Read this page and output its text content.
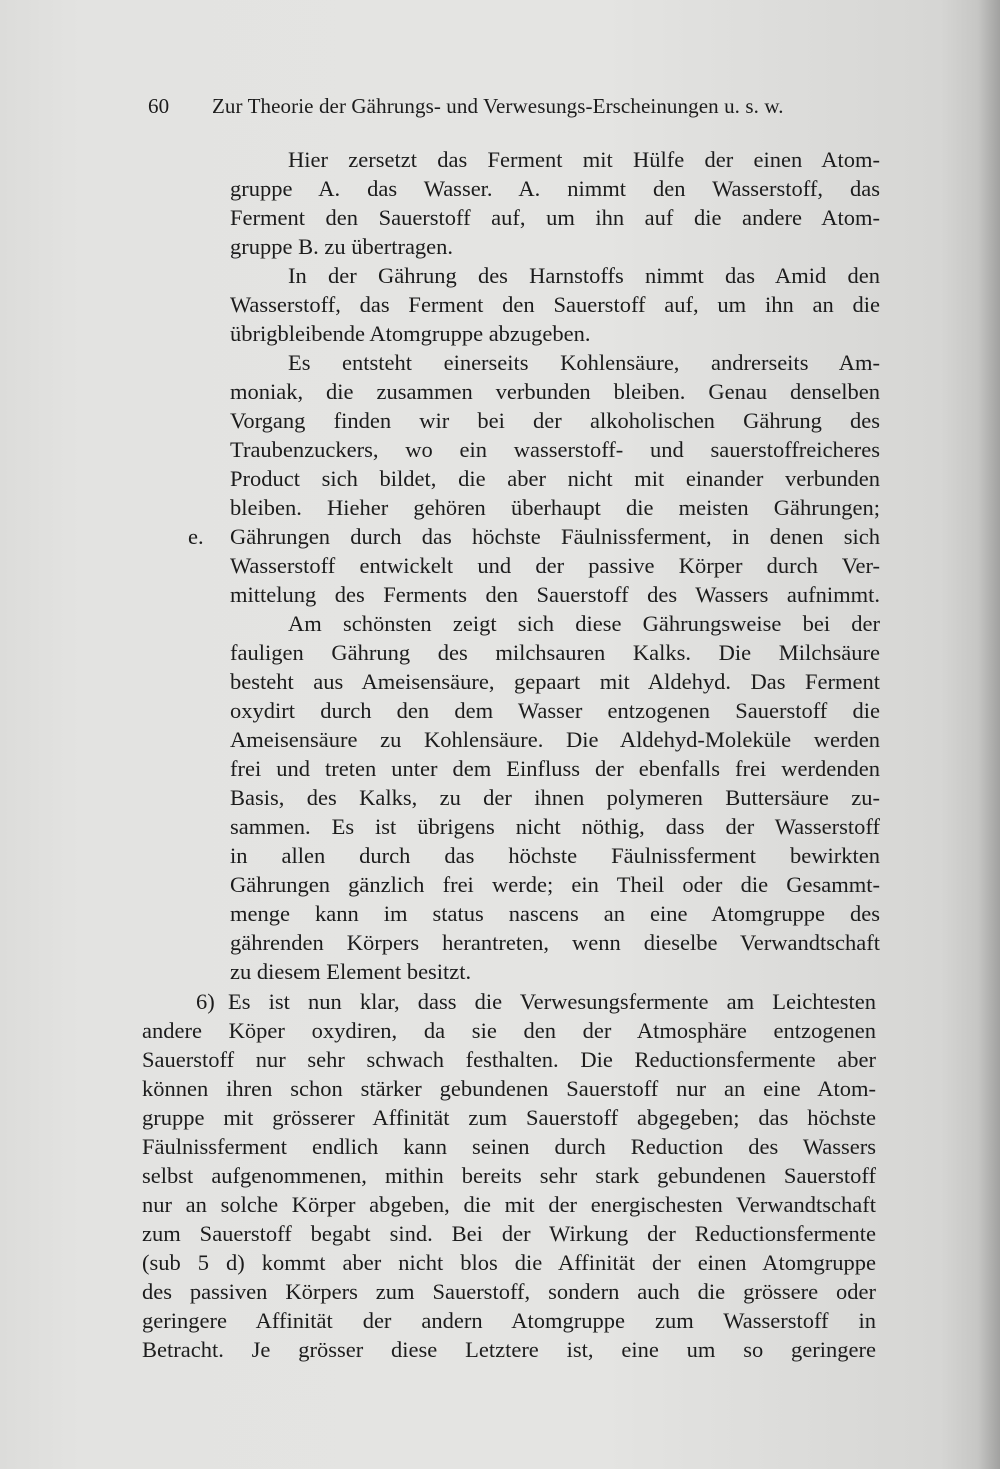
60 Zur Theorie der Gährungs- und Verwesungs-Erscheinungen u. s. w.
Hier zersetzt das Ferment mit Hülfe der einen Atom-
gruppe A. das Wasser. A. nimmt den Wasserstoff, das
Ferment den Sauerstoff auf, um ihn auf die andere Atom-
gruppe B. zu übertragen.
In der Gährung des Harnstoffs nimmt das Amid den
Wasserstoff, das Ferment den Sauerstoff auf, um ihn an die
übrigbleibende Atomgruppe abzugeben.
Es entsteht einerseits Kohlensäure, andrerseits Am-
moniak, die zusammen verbunden bleiben. Genau denselben
Vorgang finden wir bei der alkoholischen Gährung des
Traubenzuckers, wo ein wasserstoff- und sauerstoffreicheres
Product sich bildet, die aber nicht mit einander verbunden
bleiben. Hieher gehören überhaupt die meisten Gährungen;
e. Gährungen durch das höchste Fäulnissferment, in denen sich
Wasserstoff entwickelt und der passive Körper durch Ver-
mittelung des Ferments den Sauerstoff des Wassers aufnimmt.
Am schönsten zeigt sich diese Gährungsweise bei der
fauligen Gährung des milchsauren Kalks. Die Milchsäure
besteht aus Ameisensäure, gepaart mit Aldehyd. Das Ferment
oxydirt durch den dem Wasser entzogenen Sauerstoff die
Ameisensäure zu Kohlensäure. Die Aldehyd-Moleküle werden
frei und treten unter dem Einfluss der ebenfalls frei werdenden
Basis, des Kalks, zu der ihnen polymeren Buttersäure zu-
sammen. Es ist übrigens nicht nöthig, dass der Wasserstoff
in allen durch das höchste Fäulnissferment bewirkten
Gährungen gänzlich frei werde; ein Theil oder die Gesammt-
menge kann im status nascens an eine Atomgruppe des
gährenden Körpers herantreten, wenn dieselbe Verwandtschaft
zu diesem Element besitzt.
6) Es ist nun klar, dass die Verwesungsfermente am Leichtesten
andere Köper oxydiren, da sie den der Atmosphäre entzogenen
Sauerstoff nur sehr schwach festhalten. Die Reductionsfermente aber
können ihren schon stärker gebundenen Sauerstoff nur an eine Atom-
gruppe mit grösserer Affinität zum Sauerstoff abgegeben; das höchste
Fäulnissferment endlich kann seinen durch Reduction des Wassers
selbst aufgenommenen, mithin bereits sehr stark gebundenen Sauerstoff
nur an solche Körper abgeben, die mit der energischesten Verwandtschaft
zum Sauerstoff begabt sind. Bei der Wirkung der Reductionsfermente
(sub 5 d) kommt aber nicht blos die Affinität der einen Atomgruppe
des passiven Körpers zum Sauerstoff, sondern auch die grössere oder
geringere Affinität der andern Atomgruppe zum Wasserstoff in
Betracht. Je grösser diese Letztere ist, eine um so geringere
